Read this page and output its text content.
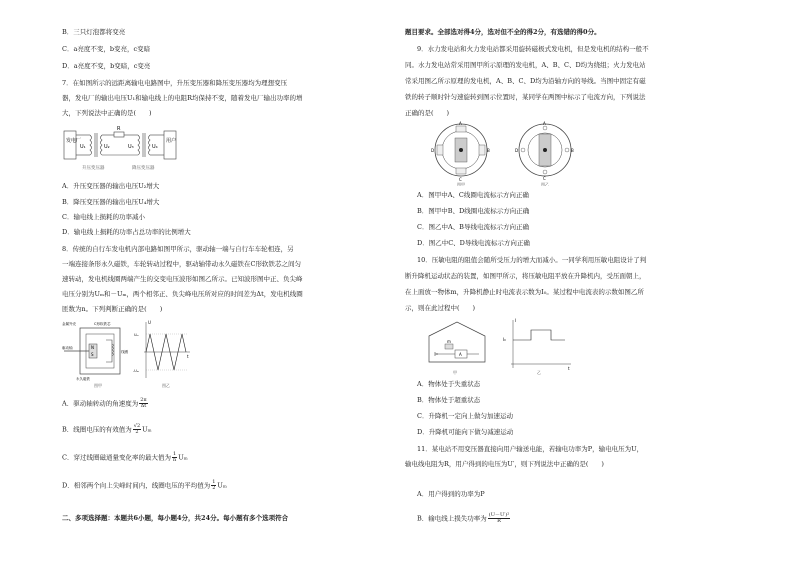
B．三只灯泡都将变亮
C．a亮度不变，b变亮，c变暗
D．a亮度不变，b变暗，c变亮
7．在如图所示的远距离输电电路图中，升压变压器和降压变压器均为理想变压
器，发电厂的输出电压U₁和输电线上的电阻R均保持不变，随着发电厂输出功率的增
大，下列说法中正确的是(　　)
发电厂
U₁	U₂
R
U₃	U₄
用户
升压变压器	降压变压器
A．升压变压器的输出电压U₂增大
B．降压变压器的输出电压U₄增大
C．输电线上损耗的功率减小
D．输电线上损耗的功率占总功率的比例增大
8．传统的自行车发电机内部电路如图甲所示，驱动轴一端与自行车车轮相连，另
一端连接条形永久磁铁，车轮转动过程中，驱动轴带动永久磁铁在C形软铁芯之间匀
速转动，发电机线圈两端产生的交变电压波形如图乙所示。已知波形图中正、负尖峰
电压分别为Uₘ和－Uₘ，两个相邻正、负尖峰电压所对应的时间差为Δt，发电机线圈
匝数为n。下列判断正确的是(　　)
N
S
金属外壳
驱动轴
C形软铁芯
线圈
永久磁铁
图甲
U
t
Uₘ
-Uₘ
图乙
A．驱动轴转动的角速度为 $\frac{2\pi}{\Delta t}$
B．线圈电压的有效值为 $\frac{√2}{2}$ Uₘ
C．穿过线圈磁通量变化率的最大值为 $\frac{1}{n}$ Uₘ
D．相邻两个向上尖峰时间内，线圈电压的平均值为 $\frac{1}{2}$ Uₘ
二、多项选择题：本题共6小题，每小题4分，共24分。每小题有多个选项符合
题目要求。全部选对得4分，选对但不全的得2分，有选错的得0分。
9．水力发电站和火力发电站都采用旋转磁极式发电机，但是发电机的结构一般不
同。水力发电站常采用图甲所示原理的发电机，A、B、C、D均为绕组；火力发电站
常采用图乙所示原理的发电机，A、B、C、D均为沿轴方向的导线。当图中固定有磁
铁的转子顺时针匀速旋转到图示位置时，某同学在两图中标示了电流方向，下列说法
正确的是(　　)
A
B
C
D
图甲
A
B
C
D
图乙
A．图甲中A、C线圈电流标示方向正确
B．图甲中B、D线圈电流标示方向正确
C．图乙中A、B导线电流标示方向正确
D．图乙中C、D导线电流标示方向正确
10．压敏电阻的阻值会随所受压力的增大而减小。一同学利用压敏电阻设计了判
断升降机运动状态的装置，如图甲所示，将压敏电阻平放在升降机内，受压面朝上，
在上面放一物体m，升降机静止时电流表示数为I₀。某过程中电流表的示数如图乙所
示，则在此过程中(　　)
A
m
甲
I
t
I₀
乙
A．物体处于失重状态
B．物体处于超重状态
C．升降机一定向上做匀加速运动
D．升降机可能向下做匀减速运动
11．某电站不用变压器直接向用户输送电能，若输电功率为P，输电电压为U，
输电线电阻为R，用户得到的电压为U′，则下列说法中正确的是(　　)
A．用户得到的功率为P
B．输电线上损失功率为 $\frac{\text{(U－U′)²}}{R}$
